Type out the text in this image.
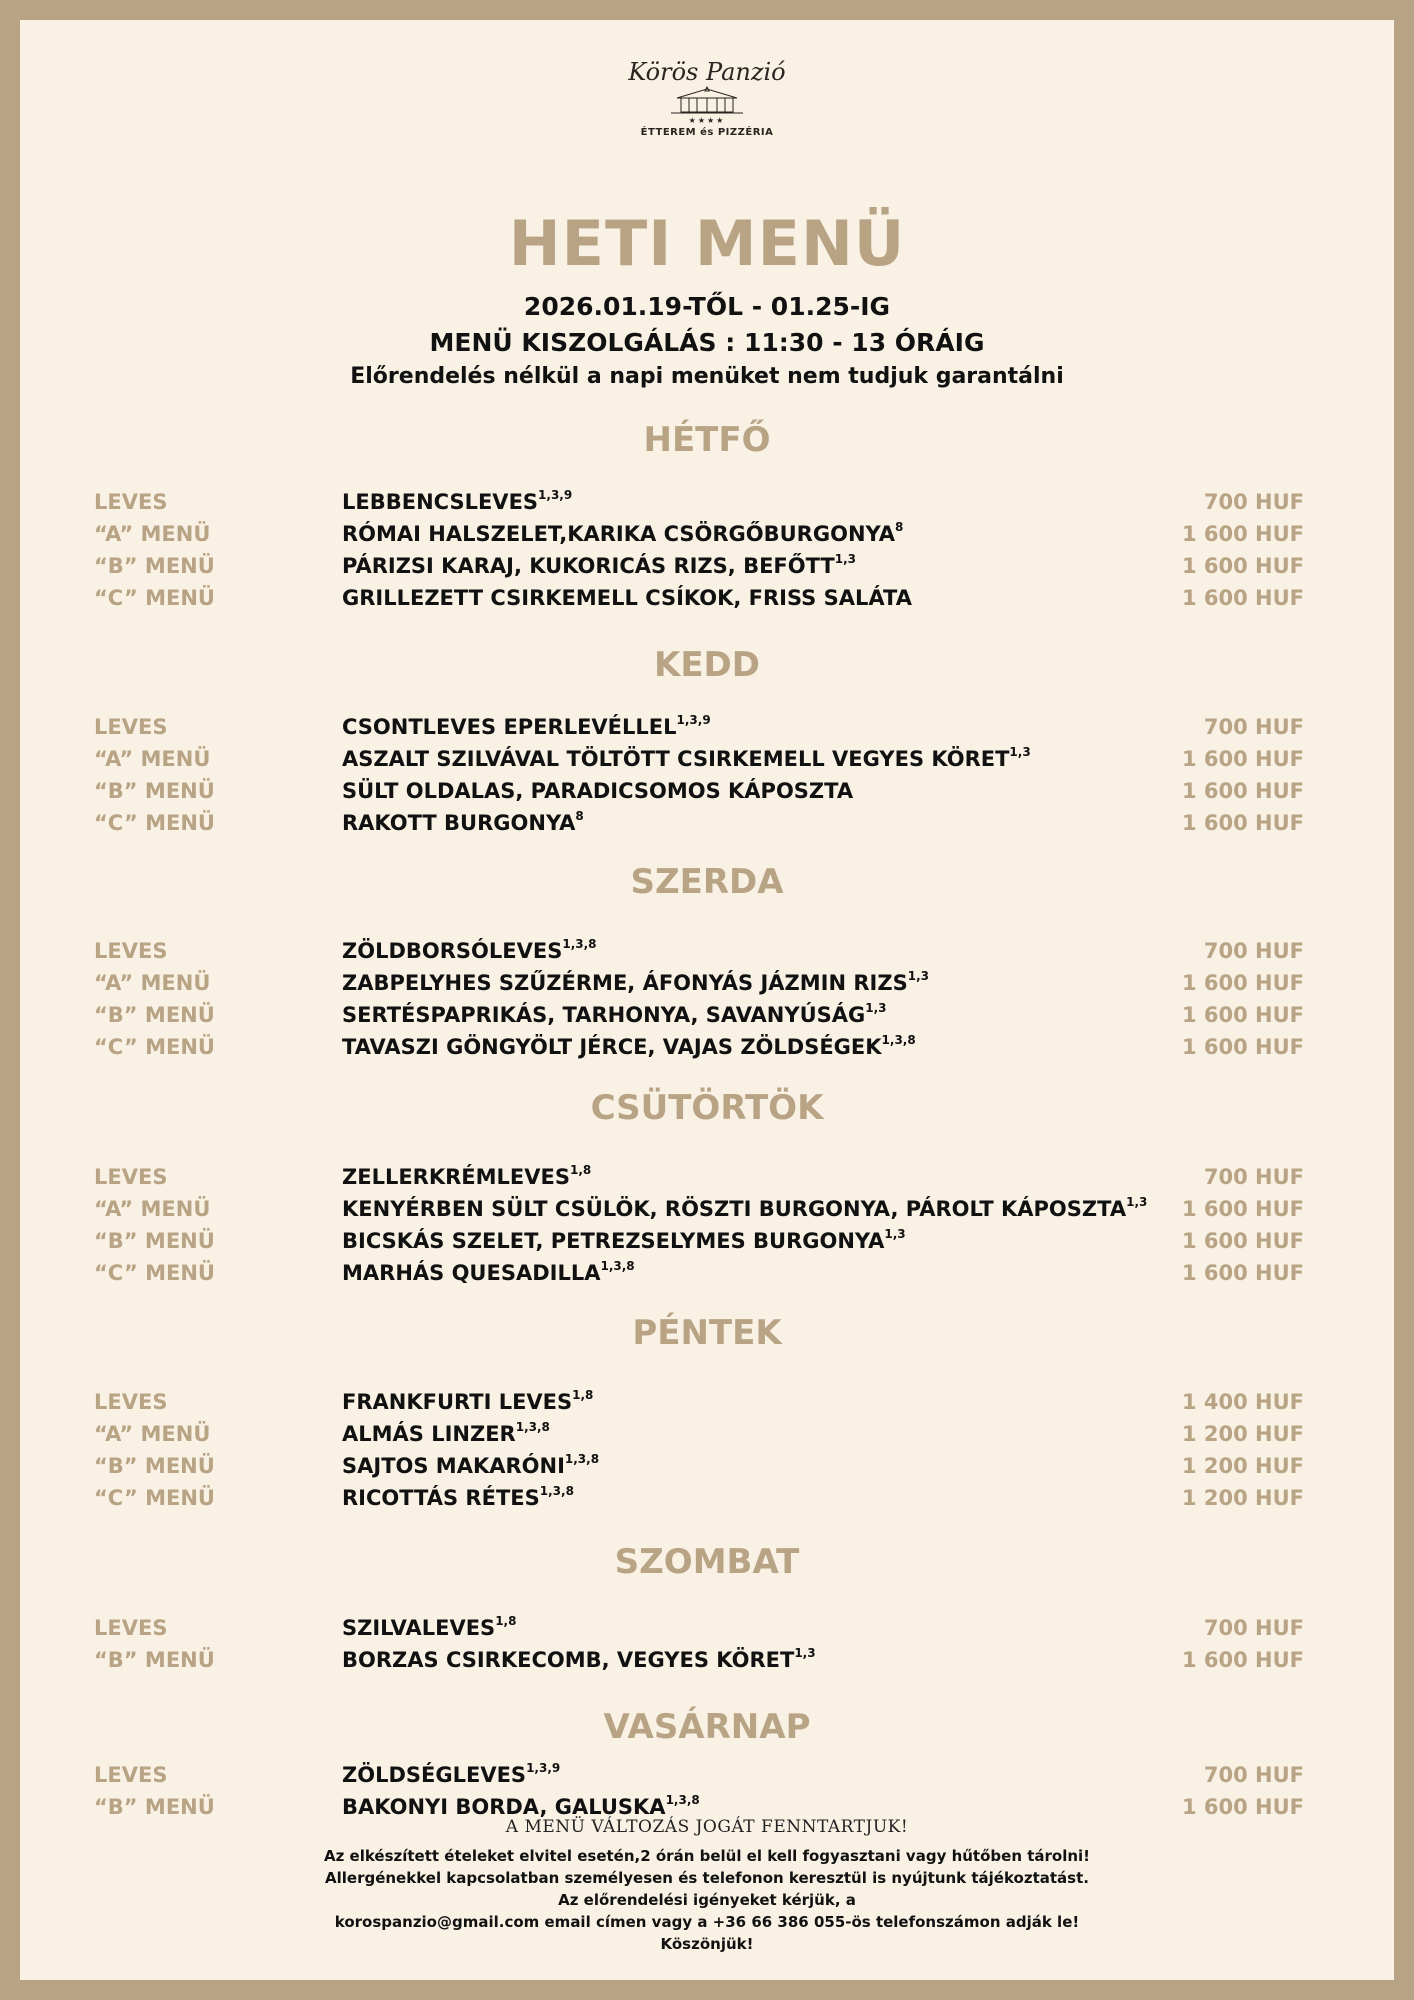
Körös Panzió
★★★★
ÉTTEREM és PIZZÉRIA
HETI MENÜ
2026.01.19-TŐL - 01.25-IG
MENÜ KISZOLGÁLÁS : 11:30 - 13 ÓRÁIG
Előrendelés nélkül a napi menüket nem tudjuk garantálni
HÉTFŐ
LEVES	LEBBENCSLEVES$^{1,3,9}$	700 HUF
“A” MENÜ	RÓMAI HALSZELET,KARIKA CSÖRGŐBURGONYA$^8$	1 600 HUF
“B” MENÜ	PÁRIZSI KARAJ, KUKORICÁS RIZS, BEFŐTT$^{1,3}$	1 600 HUF
“C” MENÜ	GRILLEZETT CSIRKEMELL CSÍKOK, FRISS SALÁTA	1 600 HUF
KEDD
LEVES	CSONTLEVES EPERLEVÉLLEL$^{1,3,9}$	700 HUF
“A” MENÜ	ASZALT SZILVÁVAL TÖLTÖTT CSIRKEMELL VEGYES KÖRET$^{1,3}$	1 600 HUF
“B” MENÜ	SÜLT OLDALAS, PARADICSOMOS KÁPOSZTA	1 600 HUF
“C” MENÜ	RAKOTT BURGONYA$^8$	1 600 HUF
SZERDA
LEVES	ZÖLDBORSÓLEVES$^{1,3,8}$	700 HUF
“A” MENÜ	ZABPELYHES SZŰZÉRME, ÁFONYÁS JÁZMIN RIZS$^{1,3}$	1 600 HUF
“B” MENÜ	SERTÉSPAPRIKÁS, TARHONYA, SAVANYÚSÁG$^{1,3}$	1 600 HUF
“C” MENÜ	TAVASZI GÖNGYÖLT JÉRCE, VAJAS ZÖLDSÉGEK$^{1,3,8}$	1 600 HUF
CSÜTÖRTÖK
LEVES	ZELLERKRÉMLEVES$^{1,8}$	700 HUF
“A” MENÜ	KENYÉRBEN SÜLT CSÜLÖK, RÖSZTI BURGONYA, PÁROLT KÁPOSZTA$^{1,3}$ 1 600 HUF
“B” MENÜ	BICSKÁS SZELET, PETREZSELYMES BURGONYA$^{1,3}$	1 600 HUF
“C” MENÜ	MARHÁS QUESADILLA$^{1,3,8}$	1 600 HUF
PÉNTEK
LEVES	FRANKFURTI LEVES$^{1,8}$	1 400 HUF
“A” MENÜ	ALMÁS LINZER$^{1,3,8}$	1 200 HUF
“B” MENÜ	SAJTOS MAKARÓNI$^{1,3,8}$	1 200 HUF
“C” MENÜ	RICOTTÁS RÉTES$^{1,3,8}$	1 200 HUF
SZOMBAT
LEVES	SZILVALEVES$^{1,8}$	700 HUF
“B” MENÜ	BORZAS CSIRKECOMB, VEGYES KÖRET$^{1,3}$	1 600 HUF
VASÁRNAP
LEVES	ZÖLDSÉGLEVES$^{1,3,9}$	700 HUF
“B” MENÜ	BAKONYI BORDA, GALUSKA$^{1,3,8}$	1 600 HUF
A MENÜ VÁLTOZÁS JOGÁT FENNTARTJUK!
Az elkészített ételeket elvitel esetén,2 órán belül el kell fogyasztani vagy hűtőben tárolni!
Allergénekkel kapcsolatban személyesen és telefonon keresztül is nyújtunk tájékoztatást.
Az előrendelési igényeket kérjük, a
korospanzio@gmail.com email címen vagy a +36 66 386 055-ös telefonszámon adják le!
Köszönjük!
